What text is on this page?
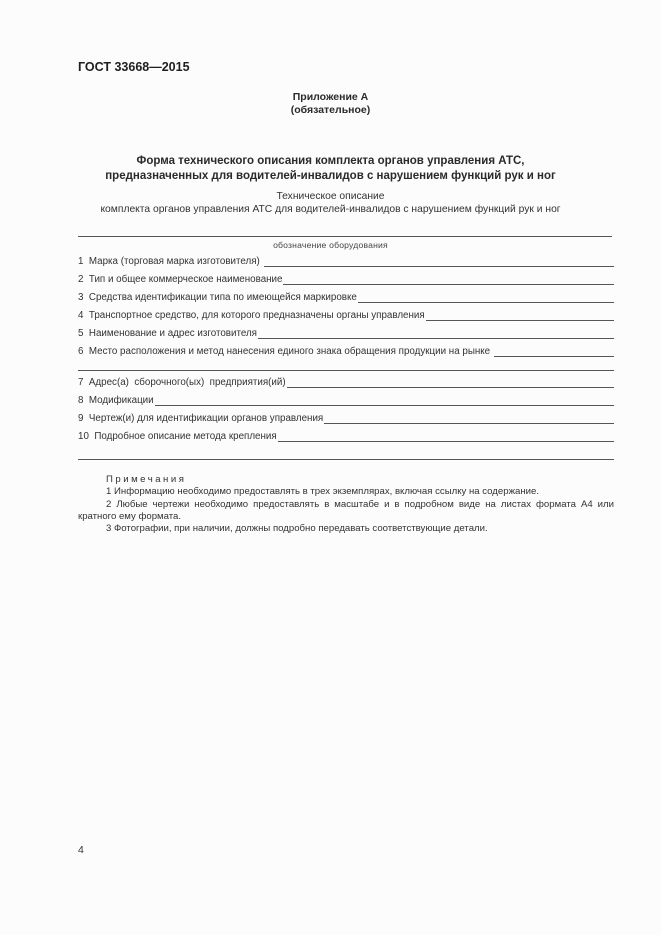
ГОСТ 33668—2015
Приложение А
(обязательное)
Форма технического описания комплекта органов управления АТС,
предназначенных для водителей-инвалидов с нарушением функций рук и ног
Техническое описание
комплекта органов управления АТС для водителей-инвалидов с нарушением функций рук и ног
обозначение оборудования
1  Марка (торговая марка изготовителя)
2  Тип и общее коммерческое наименование
3  Средства идентификации типа по имеющейся маркировке
4  Транспортное средство, для которого предназначены органы управления
5  Наименование и адрес изготовителя
6  Место расположения и метод нанесения единого знака обращения продукции на рынке
7  Адрес(а)  сборочного(ых)  предприятия(ий)
8  Модификации
9  Чертеж(и) для идентификации органов управления
10  Подробное описание метода крепления
Примечания
1 Информацию необходимо предоставлять в трех экземплярах, включая ссылку на содержание.
2 Любые чертежи необходимо предоставлять в масштабе и в подробном виде на листах формата А4 или кратного ему формата.
3 Фотографии, при наличии, должны подробно передавать соответствующие детали.
4
